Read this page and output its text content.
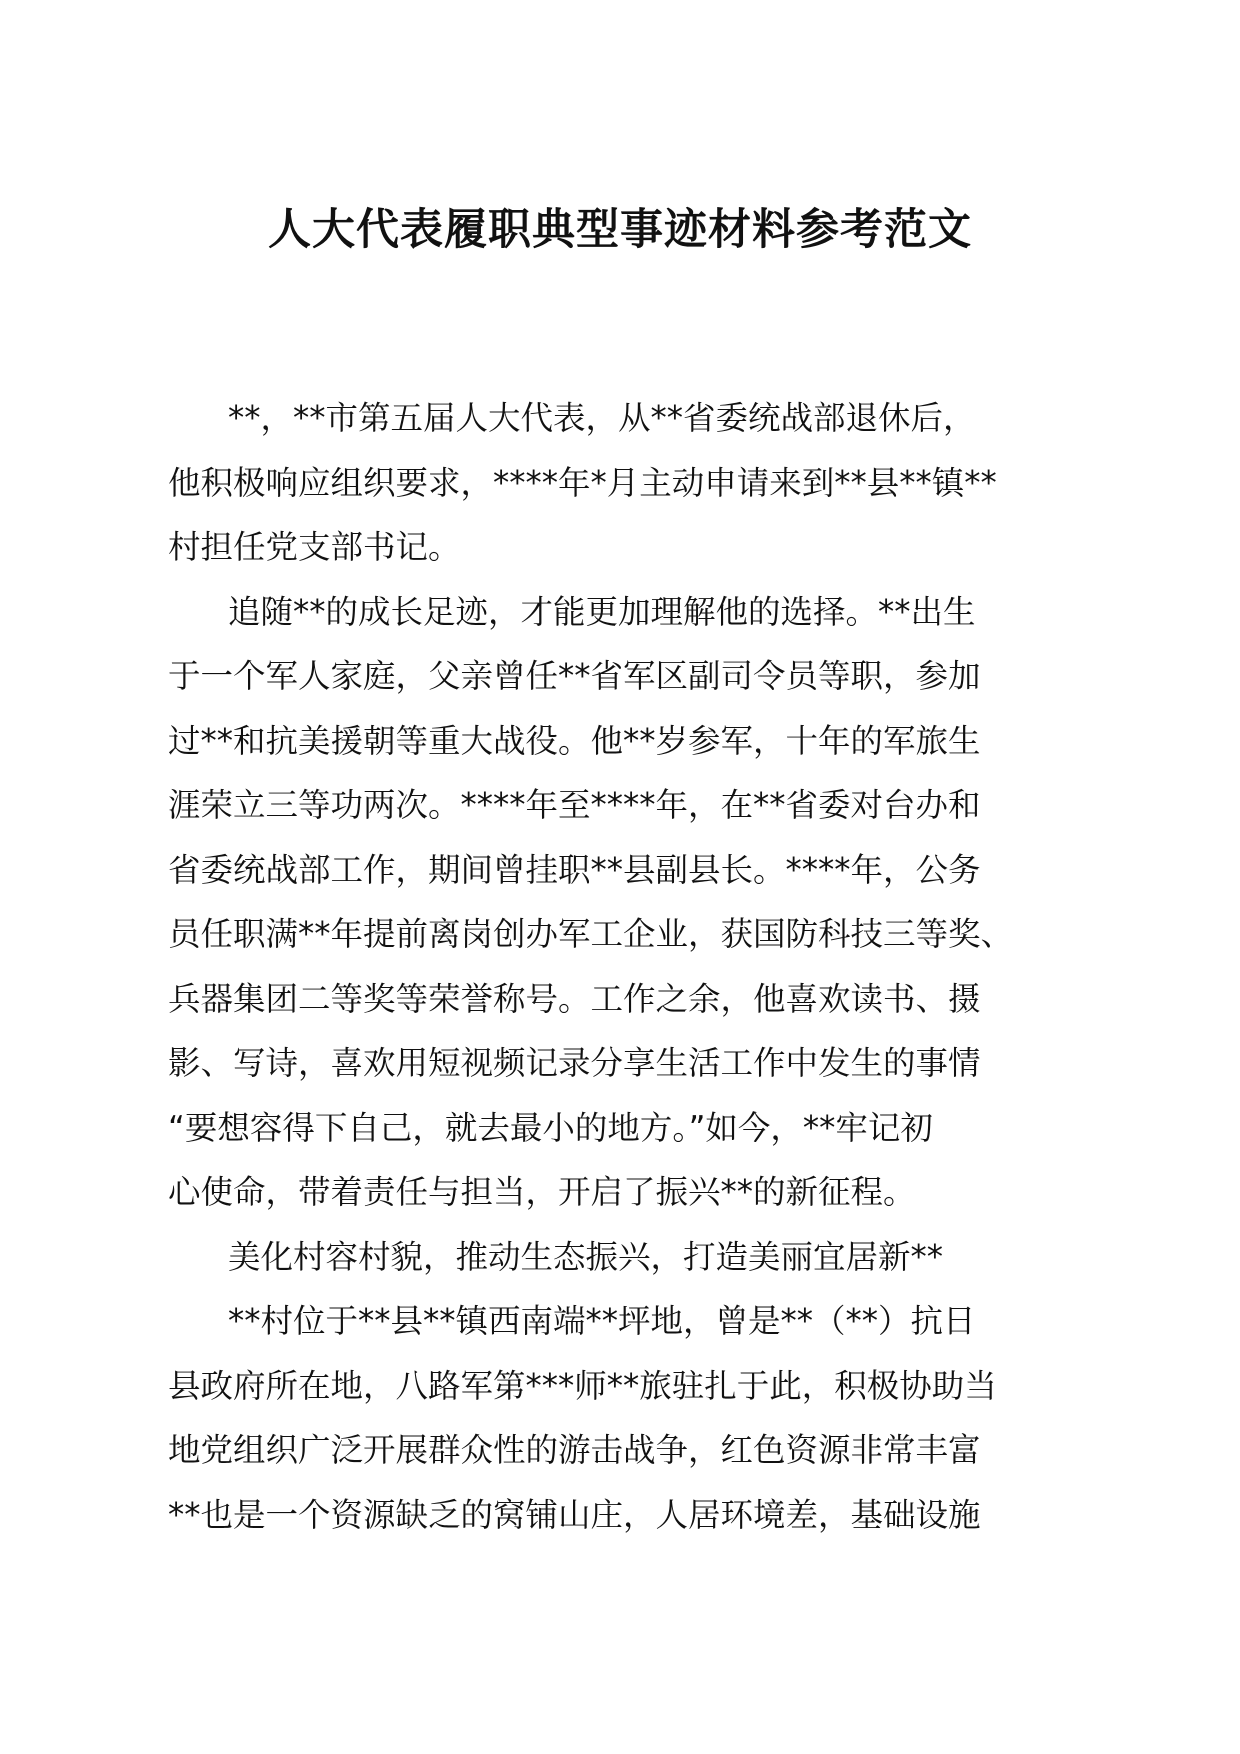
人大代表履职典型事迹材料参考范文
**，**市第五届人大代表，从**省委统战部退休后，
他积极响应组织要求，****年*月主动申请来到**县**镇**
村担任党支部书记。
追随**的成长足迹，才能更加理解他的选择。**出生
于一个军人家庭，父亲曾任**省军区副司令员等职，参加
过**和抗美援朝等重大战役。他**岁参军，十年的军旅生
涯荣立三等功两次。****年至****年，在**省委对台办和
省委统战部工作，期间曾挂职**县副县长。****年，公务
员任职满**年提前离岗创办军工企业，获国防科技三等奖、
兵器集团二等奖等荣誉称号。工作之余，他喜欢读书、摄
影、写诗，喜欢用短视频记录分享生活工作中发生的事情
“要想容得下自己，就去最小的地方。”如今，**牢记初
心使命，带着责任与担当，开启了振兴**的新征程。
美化村容村貌，推动生态振兴，打造美丽宜居新**
**村位于**县**镇西南端**坪地，曾是**（**）抗日
县政府所在地，八路军第***师**旅驻扎于此，积极协助当
地党组织广泛开展群众性的游击战争，红色资源非常丰富
**也是一个资源缺乏的窝铺山庄，人居环境差，基础设施
